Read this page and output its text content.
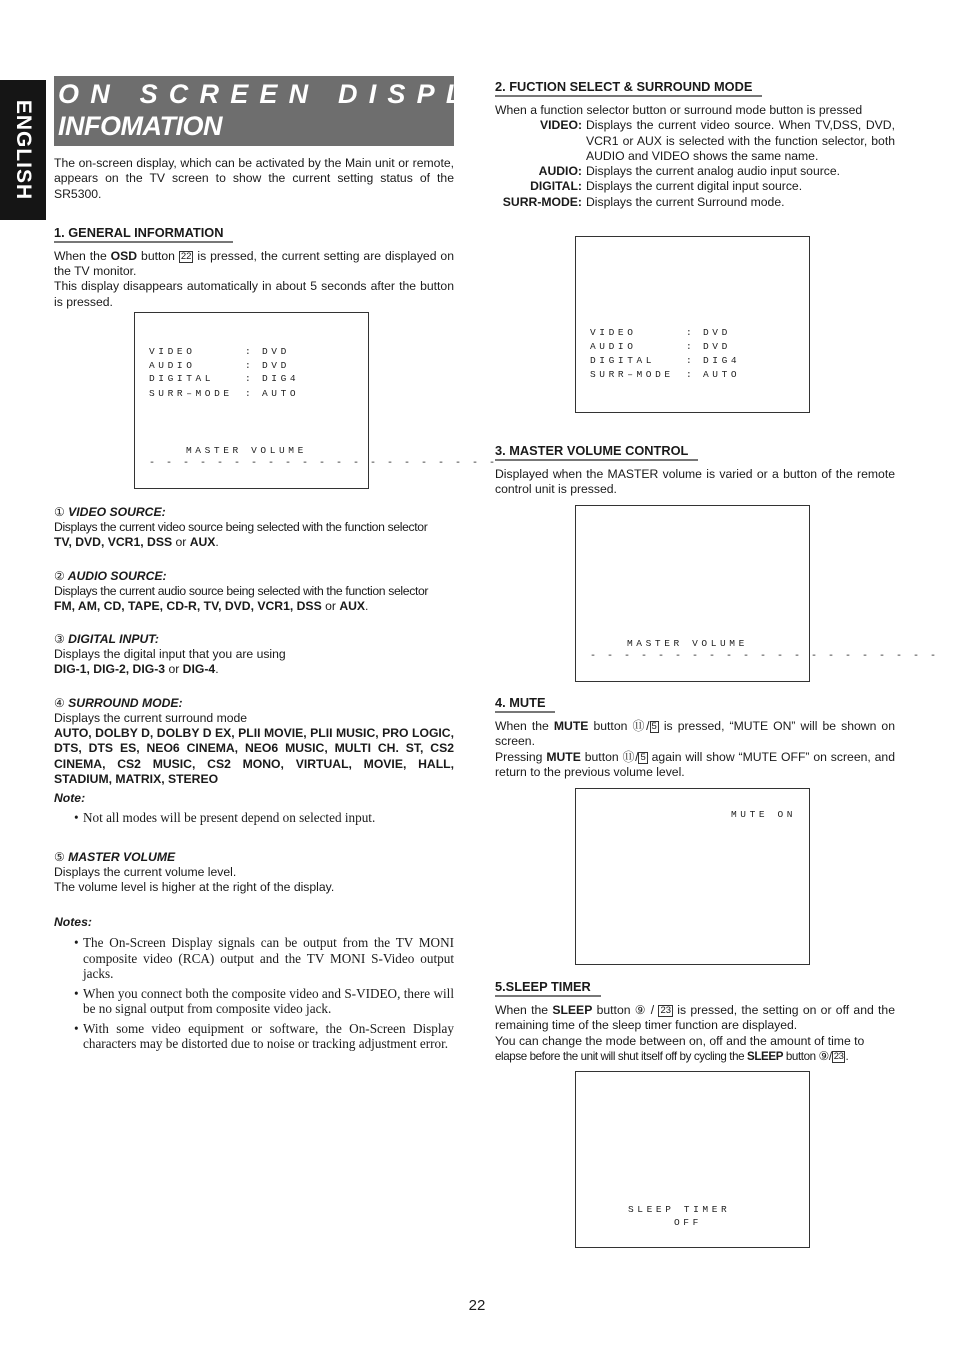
ENGLISH
ON SCREEN DISPLAY
INFOMATION

The on-screen display, which can be activated by the Main unit or remote, appears on the TV screen to show the current setting status of the SR5300.

1. GENERAL INFORMATION

When the OSD button 22 is pressed, the current setting are displayed on the TV monitor.

This display disappears automatically in about 5 seconds after the button is pressed.

VIDEO	: DVD
AUDIO	: DVD
DIGITAL	: DIG4
SURR–MODE : AUTO
MASTER VOLUME
- - - - - - - - - - - - - - - - - - - - -
① VIDEO SOURCE:

Displays the current video source being selected with the function selector

TV, DVD, VCR1, DSS or AUX.

② AUDIO SOURCE:

Displays the current audio source being selected with the function selector

FM, AM, CD, TAPE, CD-R, TV, DVD, VCR1, DSS or AUX.

③ DIGITAL INPUT:

Displays the digital input that you are using

DIG-1, DIG-2, DIG-3 or DIG-4.

④ SURROUND MODE:

Displays the current surround mode

AUTO, DOLBY D, DOLBY D EX, PLII MOVIE, PLII MUSIC, PRO LOGIC, DTS, DTS ES, NEO6 CINEMA, NEO6 MUSIC, MULTI CH. ST, CS2 CINEMA, CS2 MUSIC, CS2 MONO, VIRTUAL, MOVIE, HALL, STADIUM, MATRIX, STEREO

Note:
• Not all modes will be present depend on selected input.
⑤ MASTER VOLUME

Displays the current volume level.

The volume level is higher at the right of the display.

Notes:
• The On-Screen Display signals can be output from the TV MONI composite video (RCA) output and the TV MONI S-Video output jacks.
• When you connect both the composite video and S-VIDEO, there will be no signal output from composite video jack.
• With some video equipment or software, the On-Screen Display characters may be distorted due to noise or tracking adjustment error.
2. FUCTION SELECT & SURROUND MODE

When a function selector button or surround mode button is pressed

VIDEO: Displays the current video source. When TV,DSS, DVD, VCR1 or AUX is selected with the function selector, both AUDIO and VIDEO shows the same name.
AUDIO: Displays the current analog audio input source.
DIGITAL: Displays the current digital input source.
SURR-MODE: Displays the current Surround mode.
VIDEO	: DVD
AUDIO	: DVD
DIGITAL	: DIG4
SURR–MODE : AUTO
3. MASTER VOLUME CONTROL

Displayed when the MASTER volume is varied or a button of the remote control unit is pressed.

MASTER VOLUME
- - - - - - - - - - - - - - - - - - - - -
4. MUTE

When the MUTE button ⑪/ 5 is pressed, “MUTE ON” will be shown on screen.

Pressing MUTE button ⑪/ 5 again will show “MUTE OFF” on screen, and return to the previous volume level.

MUTE ON
5.SLEEP TIMER

When the SLEEP button ⑨ / 23 is pressed, the setting on or off and the remaining time of the sleep timer function are displayed.

You can change the mode between on, off and the amount of time to

elapse before the unit will shut itself off by cycling the SLEEP button ⑨/ 23 .

SLEEP TIMER
OFF
22
